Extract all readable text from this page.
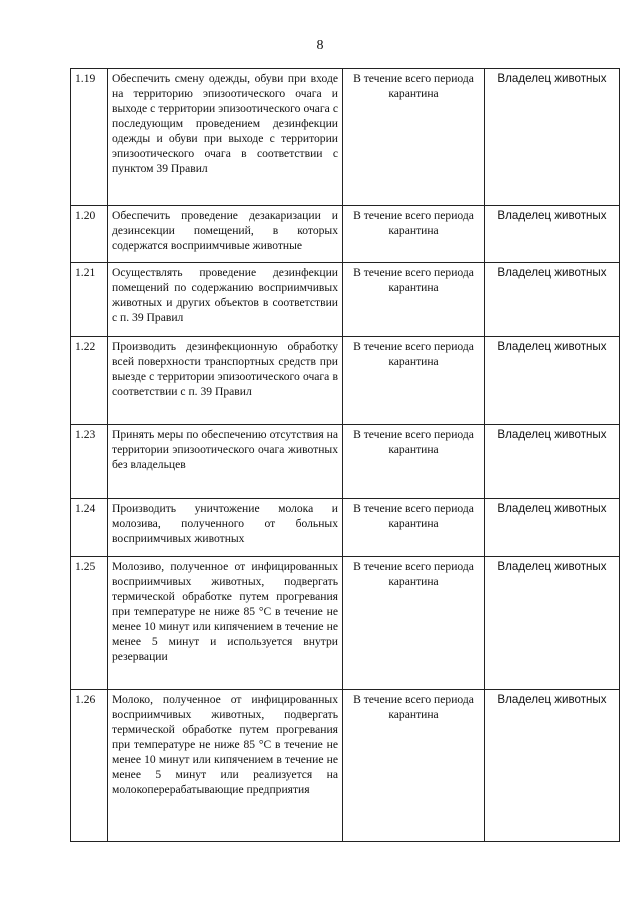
8
1.19	Обеспечить смену одежды, обуви при входе на территорию эпизоотического очага и выходе с территории эпизоотического очага с последующим проведением дезинфекции одежды и обуви при выходе с территории эпизоотического очага в соответствии с пунктом 39 Правил	В течение всего периода карантина	Владелец животных
1.20	Обеспечить проведение дезакаризации и дезинсекции помещений, в которых содержатся восприимчивые животные	В течение всего периода карантина	Владелец животных
1.21	Осуществлять проведение дезинфекции помещений по содержанию восприимчивых животных и других объектов в соответствии с п. 39 Правил	В течение всего периода карантина	Владелец животных
1.22	Производить дезинфекционную обработку всей поверхности транспортных средств при выезде с территории эпизоотического очага в соответствии с п. 39 Правил	В течение всего периода карантина	Владелец животных
1.23	Принять меры по обеспечению отсутствия на территории эпизоотического очага животных без владельцев	В течение всего периода карантина	Владелец животных
1.24	Производить уничтожение молока и молозива, полученного от больных восприимчивых животных	В течение всего периода карантина	Владелец животных
1.25	Молозиво, полученное от инфицированных восприимчивых животных, подвергать термической обработке путем прогревания при температуре не ниже 85 °С в течение не менее 10 минут или кипячением в течение не менее 5 минут и используется внутри резервации	В течение всего периода карантина	Владелец животных
1.26	Молоко, полученное от инфицированных восприимчивых животных, подвергать термической обработке путем прогревания при температуре не ниже 85 °С в течение не менее 10 минут или кипячением в течение не менее 5 минут или реализуется на молокоперерабатывающие предприятия	В течение всего периода карантина	Владелец животных
